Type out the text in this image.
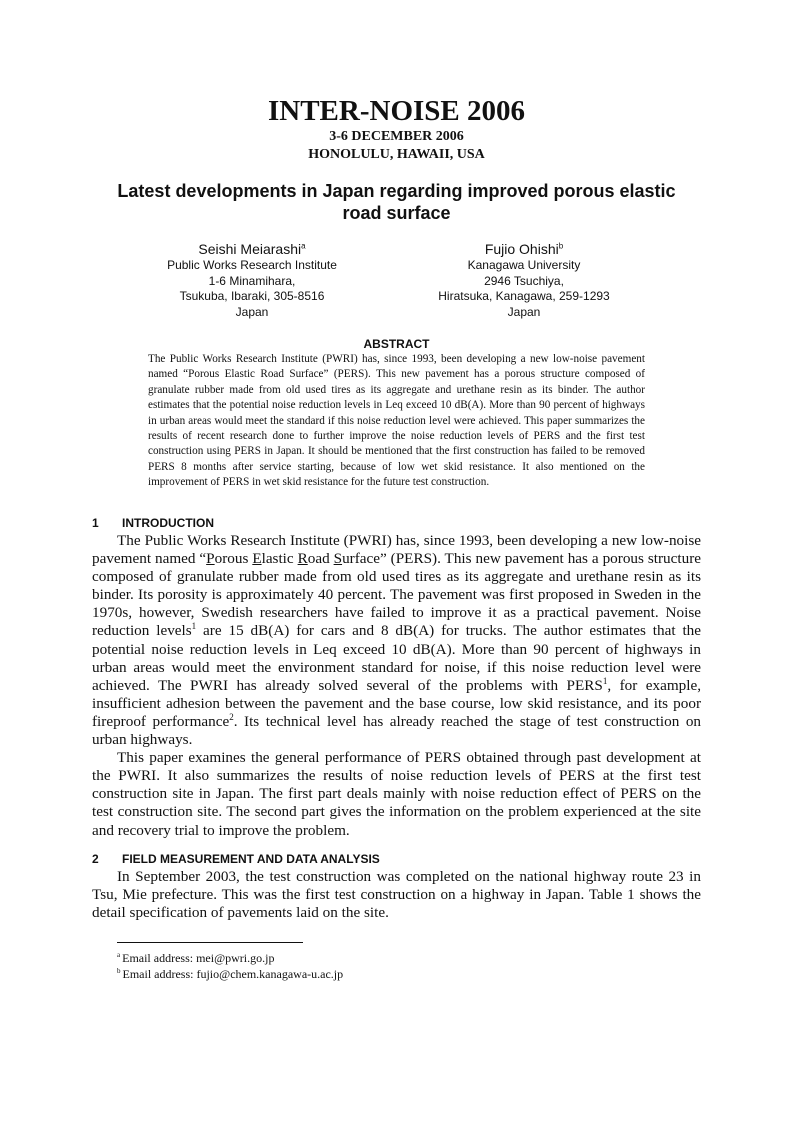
INTER-NOISE 2006
3-6 DECEMBER 2006
HONOLULU, HAWAII, USA
Latest developments in Japan regarding improved porous elastic road surface
Seishi Meiarashi$^a$
Public Works Research Institute
1-6 Minamihara,
Tsukuba, Ibaraki, 305-8516
Japan
Fujio Ohishi$^b$
Kanagawa University
2946 Tsuchiya,
Hiratsuka, Kanagawa, 259-1293
Japan
ABSTRACT
The Public Works Research Institute (PWRI) has, since 1993, been developing a new low-noise pavement named “Porous Elastic Road Surface” (PERS). This new pavement has a porous structure composed of granulate rubber made from old used tires as its aggregate and urethane resin as its binder. The author estimates that the potential noise reduction levels in Leq exceed 10 dB(A). More than 90 percent of highways in urban areas would meet the standard if this noise reduction level were achieved. This paper summarizes the results of recent research done to further improve the noise reduction levels of PERS and the first test construction using PERS in Japan. It should be mentioned that the first construction has failed to be removed PERS 8 months after service starting, because of low wet skid resistance. It also mentioned on the improvement of PERS in wet skid resistance for the future test construction.
1 INTRODUCTION

The Public Works Research Institute (PWRI) has, since 1993, been developing a new low-noise pavement named “Porous Elastic Road Surface” (PERS). This new pavement has a porous structure composed of granulate rubber made from old used tires as its aggregate and urethane resin as its binder. Its porosity is approximately 40 percent. The pavement was first proposed in Sweden in the 1970s, however, Swedish researchers have failed to improve it as a practical pavement. Noise reduction levels$^1$ are 15 dB(A) for cars and 8 dB(A) for trucks. The author estimates that the potential noise reduction levels in Leq exceed 10 dB(A). More than 90 percent of highways in urban areas would meet the environment standard for noise, if this noise reduction level were achieved. The PWRI has already solved several of the problems with PERS$^1$, for example, insufficient adhesion between the pavement and the base course, low skid resistance, and its poor fireproof performance$^2$. Its technical level has already reached the stage of test construction on urban highways.

This paper examines the general performance of PERS obtained through past development at the PWRI. It also summarizes the results of noise reduction levels of PERS at the first test construction site in Japan. The first part deals mainly with noise reduction effect of PERS on the test construction site. The second part gives the information on the problem experienced at the site and recovery trial to improve the problem.

2 FIELD MEASUREMENT AND DATA ANALYSIS

In September 2003, the test construction was completed on the national highway route 23 in Tsu, Mie prefecture. This was the first test construction on a highway in Japan. Table 1 shows the detail specification of pavements laid on the site.

$^a$ Email address: mei@pwri.go.jp
$^b$ Email address: fujio@chem.kanagawa-u.ac.jp
